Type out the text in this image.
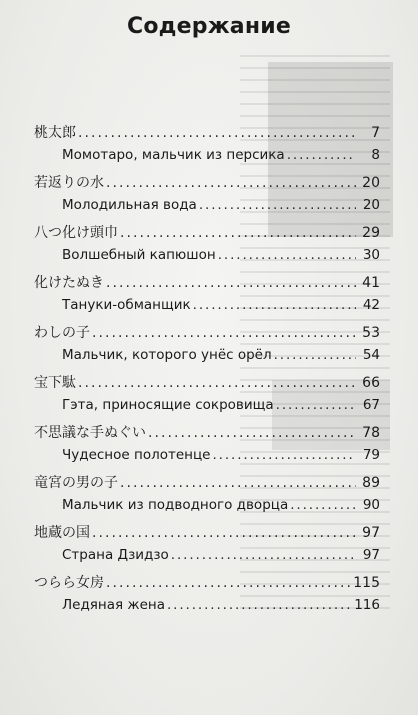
Содержание
桃太郎 . . .	7
Момотаро, мальчик из персика . . .	8
若返りの水 . . .	20
Молодильная вода . . .	20
八つ化け頭巾 . . .	29
Волшебный капюшон . . .	30
化けたぬき . . .	41
Тануки-обманщик . . .	42
わしの子 . . .	53
Мальчик, которого унёс орёл . . .	54
宝下駄 . . .	66
Гэта, приносящие сокровища . . .	67
不思議な手ぬぐい . . .	78
Чудесное полотенце . . .	79
竜宮の男の子 . . .	89
Мальчик из подводного дворца . . .	90
地蔵の国 . . .	97
Страна Дзидзо . . .	97
つらら女房 . . .	115
Ледяная жена . . .	116
